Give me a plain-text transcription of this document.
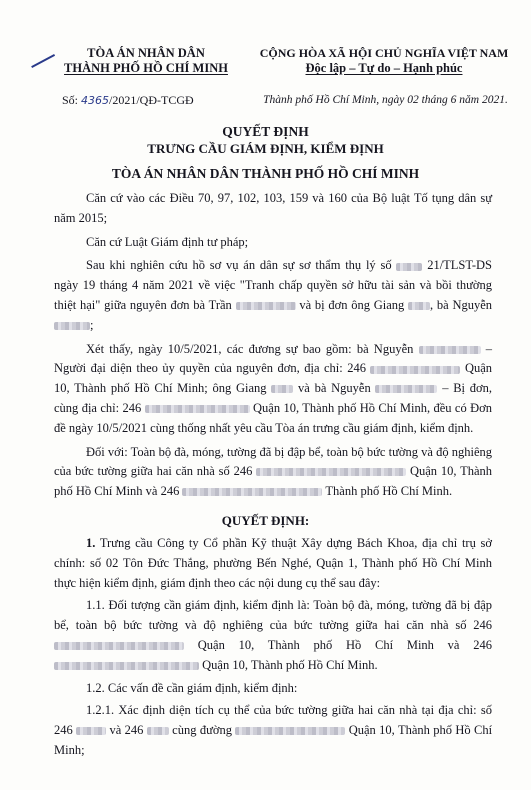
TÒA ÁN NHÂN DÂN
THÀNH PHỐ HỒ CHÍ MINH
CỘNG HÒA XÃ HỘI CHỦ NGHĨA VIỆT NAM
Độc lập – Tự do – Hạnh phúc
Số: 4365/2021/QĐ-TCGĐ	Thành phố Hồ Chí Minh, ngày 02 tháng 6 năm 2021.
QUYẾT ĐỊNH
TRƯNG CẦU GIÁM ĐỊNH, KIỂM ĐỊNH
TÒA ÁN NHÂN DÂN THÀNH PHỐ HỒ CHÍ MINH

Căn cứ vào các Điều 70, 97, 102, 103, 159 và 160 của Bộ luật Tố tụng dân sự năm 2015;

Căn cứ Luật Giám định tư pháp;

Sau khi nghiên cứu hồ sơ vụ án dân sự sơ thẩm thụ lý số	21/TLST-DS ngày 19 tháng 4 năm 2021 về việc "Tranh chấp quyền sở hữu tài sản và bồi thường thiệt hại" giữa nguyên đơn bà Trần	và bị đơn ông Giang , bà Nguyễn ;

Xét thấy, ngày 10/5/2021, các đương sự bao gồm: bà Nguyễn	– Người đại diện theo ủy quyền của nguyên đơn, địa chỉ: 246	Quận 10, Thành phố Hồ Chí Minh; ông Giang	và bà Nguyễn	– Bị đơn, cùng địa chỉ: 246	Quận 10, Thành phố Hồ Chí Minh, đều có Đơn đề ngày 10/5/2021 cùng thống nhất yêu cầu Tòa án trưng cầu giám định, kiểm định.

Đối với: Toàn bộ đà, móng, tường đã bị đập bể, toàn bộ bức tường và độ nghiêng của bức tường giữa hai căn nhà số 246	Quận 10, Thành phố Hồ Chí Minh và 246	Thành phố Hồ Chí Minh.

QUYẾT ĐỊNH:

1. Trưng cầu Công ty Cổ phần Kỹ thuật Xây dựng Bách Khoa, địa chỉ trụ sở chính: số 02 Tôn Đức Thắng, phường Bến Nghé, Quận 1, Thành phố Hồ Chí Minh thực hiện kiểm định, giám định theo các nội dung cụ thể sau đây:

1.1. Đối tượng cần giám định, kiểm định là: Toàn bộ đà, móng, tường đã bị đập bể, toàn bộ bức tường và độ nghiêng của bức tường giữa hai căn nhà số 246  Quận 10, Thành phố Hồ Chí Minh và 246  Quận 10, Thành phố Hồ Chí Minh.

1.2. Các vấn đề cần giám định, kiểm định:

1.2.1. Xác định diện tích cụ thể của bức tường giữa hai căn nhà tại địa chỉ: số 246	và 246 cùng đường	Quận 10, Thành phố Hồ Chí Minh;
